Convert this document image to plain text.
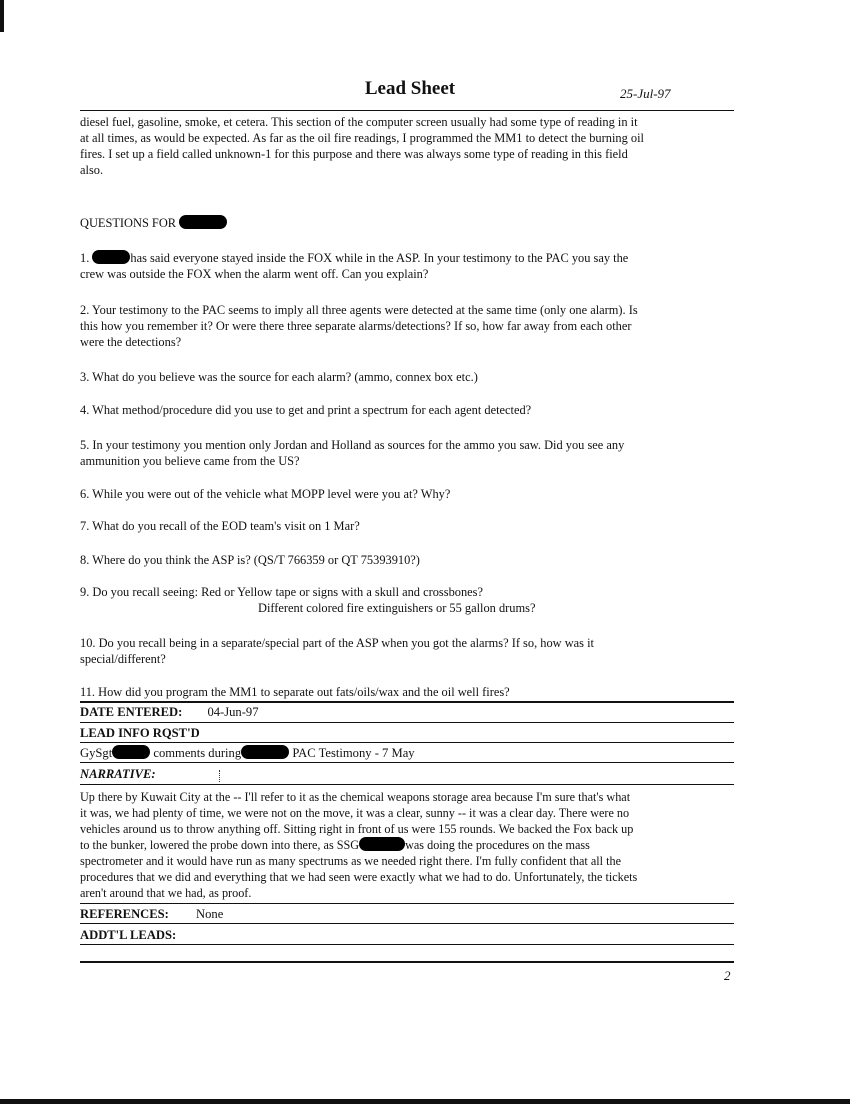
Lead Sheet	25-Jul-97
diesel fuel, gasoline, smoke, et cetera. This section of the computer screen usually had some type of reading in it
at all times, as would be expected. As far as the oil fire readings, I programmed the MM1 to detect the burning oil
fires. I set up a field called unknown-1 for this purpose and there was always some type of reading in this field
also.
QUESTIONS FOR
1.	has said everyone stayed inside the FOX while in the ASP. In your testimony to the PAC you say the
crew was outside the FOX when the alarm went off. Can you explain?
2. Your testimony to the PAC seems to imply all three agents were detected at the same time (only one alarm). Is
this how you remember it? Or were there three separate alarms/detections? If so, how far away from each other
were the detections?
3. What do you believe was the source for each alarm? (ammo, connex box etc.)
4. What method/procedure did you use to get and print a spectrum for each agent detected?
5. In your testimony you mention only Jordan and Holland as sources for the ammo you saw. Did you see any
ammunition you believe came from the US?
6. While you were out of the vehicle what MOPP level were you at? Why?
7. What do you recall of the EOD team's visit on 1 Mar?
8. Where do you think the ASP is? (QS/T 766359 or QT 75393910?)
9. Do you recall seeing: Red or Yellow tape or signs with a skull and crossbones?
Different colored fire extinguishers or 55 gallon drums?
10. Do you recall being in a separate/special part of the ASP when you got the alarms? If so, how was it
special/different?
11. How did you program the MM1 to separate out fats/oils/wax and the oil well fires?
DATE ENTERED: 04-Jun-97
LEAD INFO RQST'D
GySgt	comments during	PAC Testimony - 7 May
NARRATIVE:
Up there by Kuwait City at the -- I'll refer to it as the chemical weapons storage area because I'm sure that's what
it was, we had plenty of time, we were not on the move, it was a clear, sunny -- it was a clear day. There were no
vehicles around us to throw anything off. Sitting right in front of us were 155 rounds. We backed the Fox back up
to the bunker, lowered the probe down into there, as SSG	was doing the procedures on the mass
spectrometer and it would have run as many spectrums as we needed right there. I'm fully confident that all the
procedures that we did and everything that we had seen were exactly what we had to do. Unfortunately, the tickets
aren't around that we had, as proof.
REFERENCES: None
ADDT'L LEADS:
2
